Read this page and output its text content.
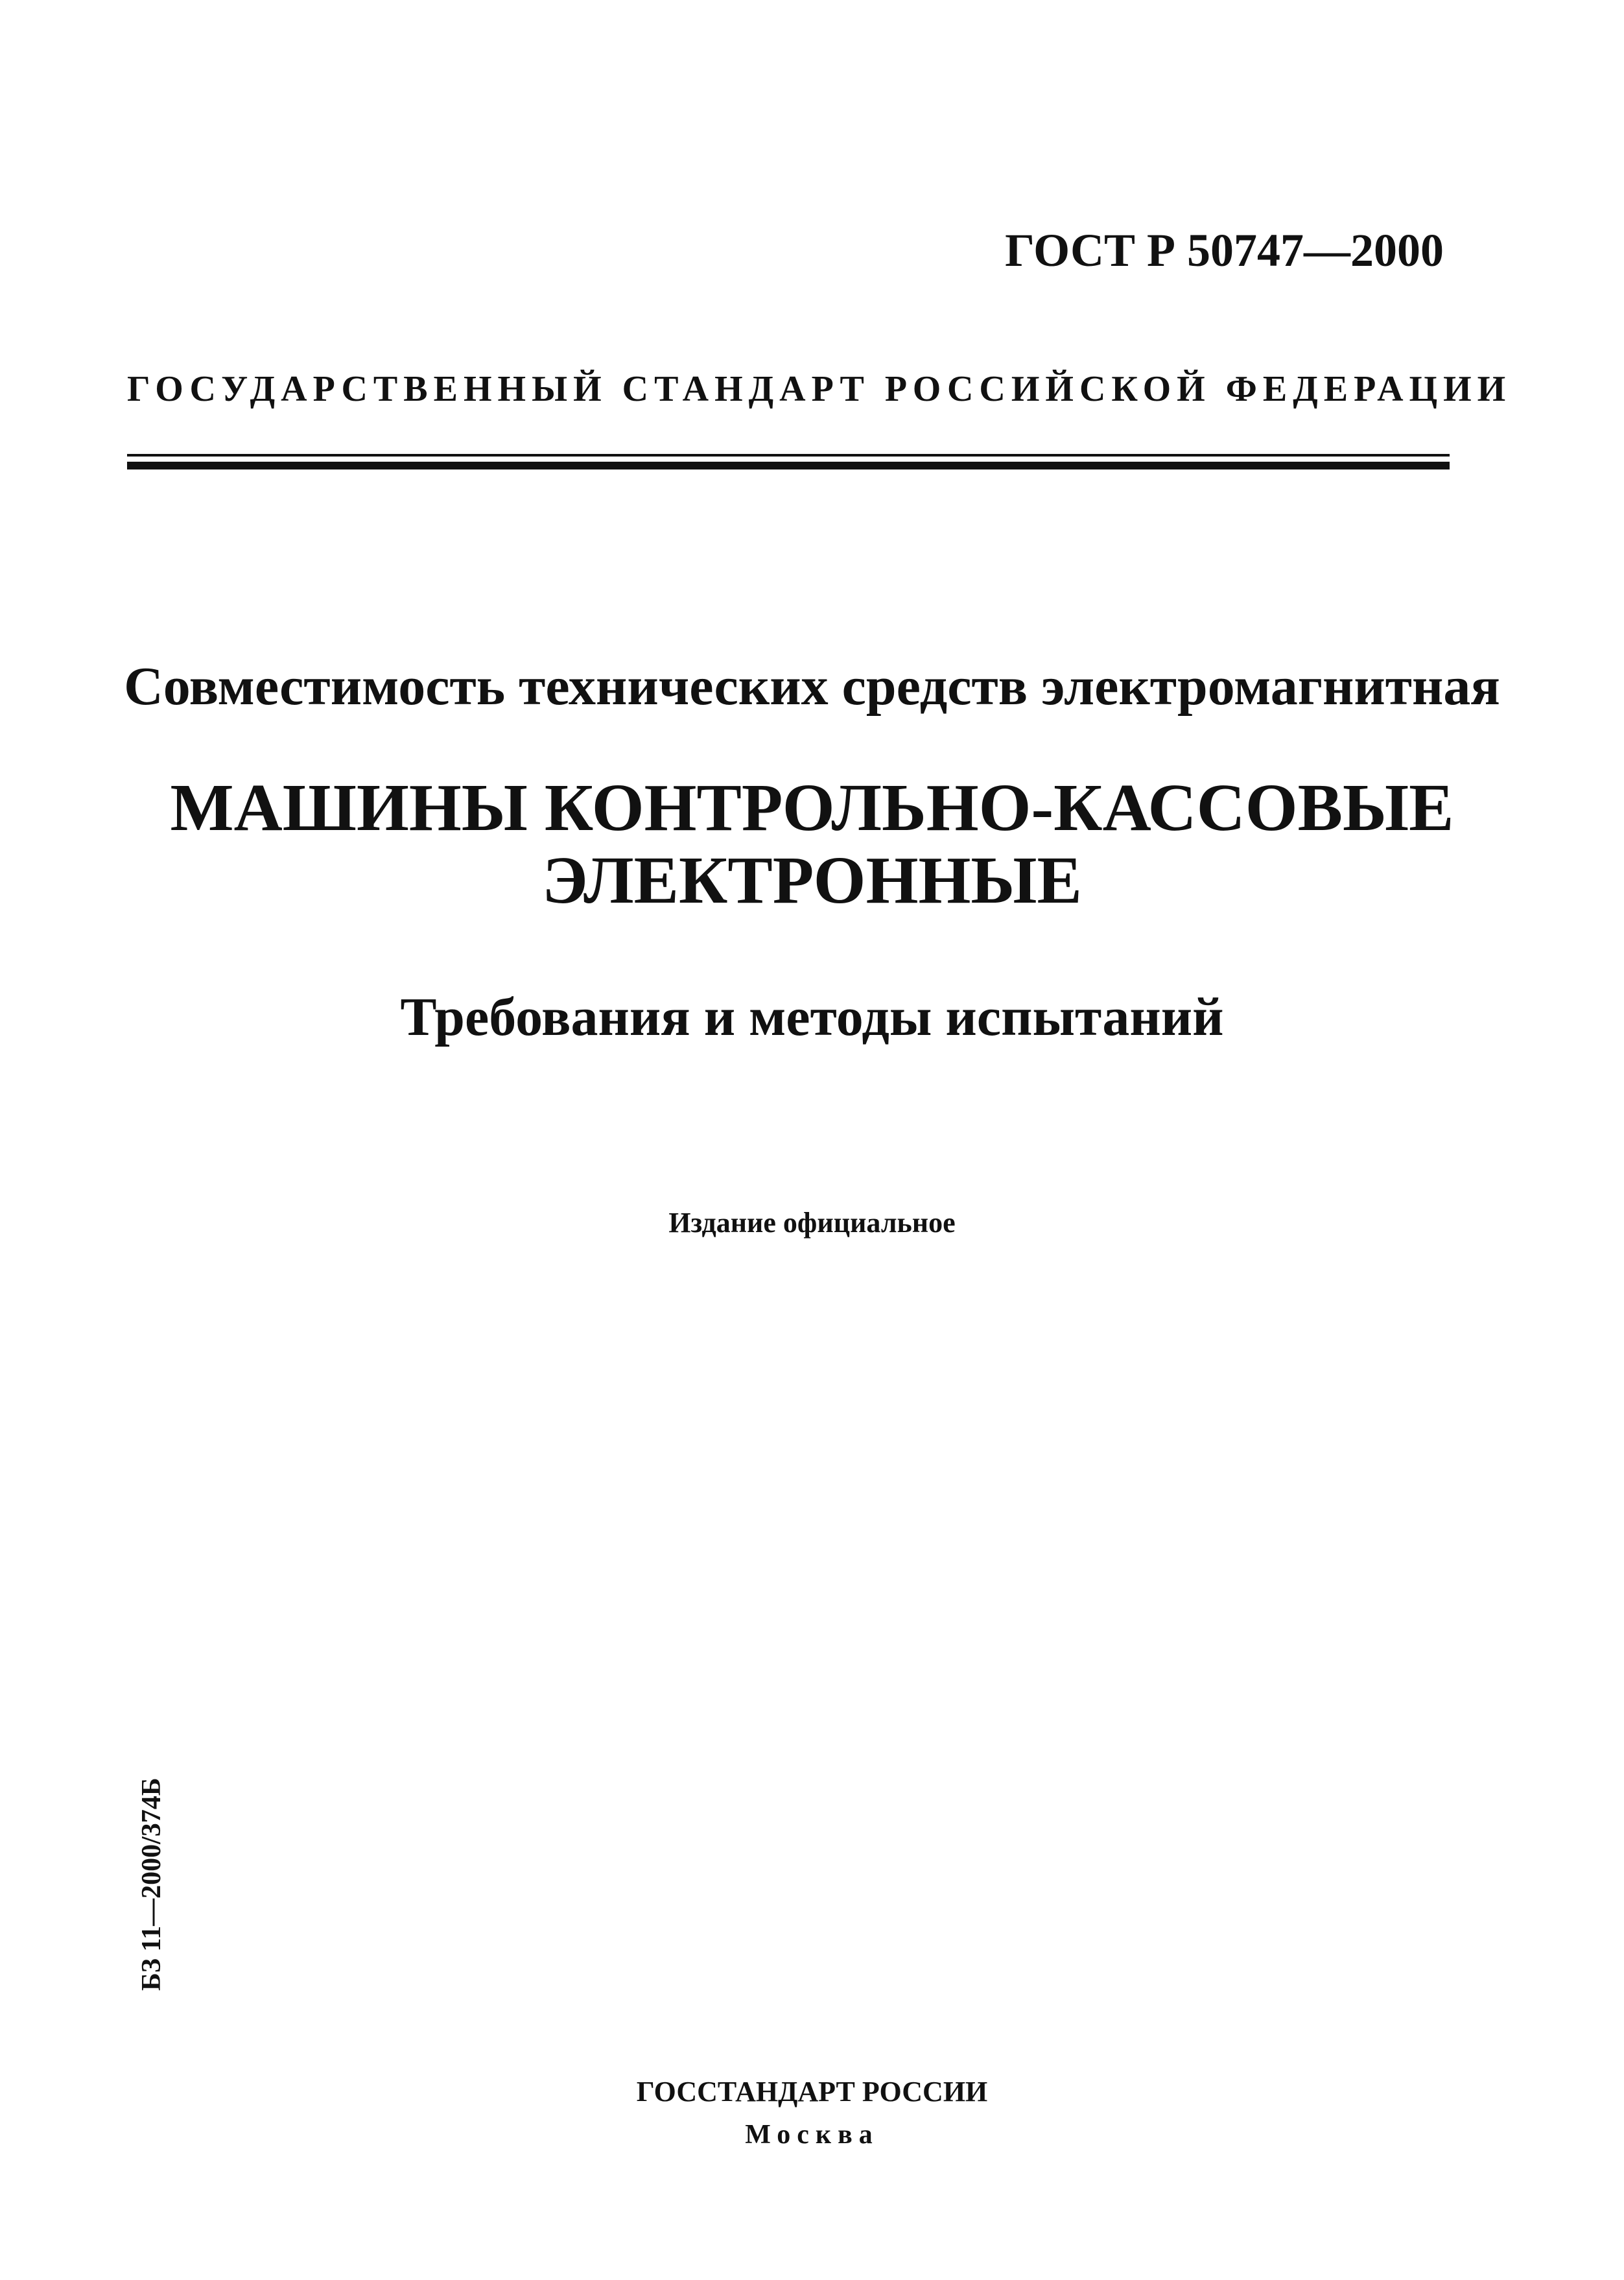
ГОСТ Р 50747—2000
ГОСУДАРСТВЕННЫЙ СТАНДАРТ РОССИЙСКОЙ ФЕДЕРАЦИИ
Совместимость технических средств электромагнитная
МАШИНЫ КОНТРОЛЬНО-КАССОВЫЕ
ЭЛЕКТРОННЫЕ
Требования и методы испытаний
Издание официальное
БЗ 11—2000/374Б
ГОССТАНДАРТ РОССИИ
Москва
